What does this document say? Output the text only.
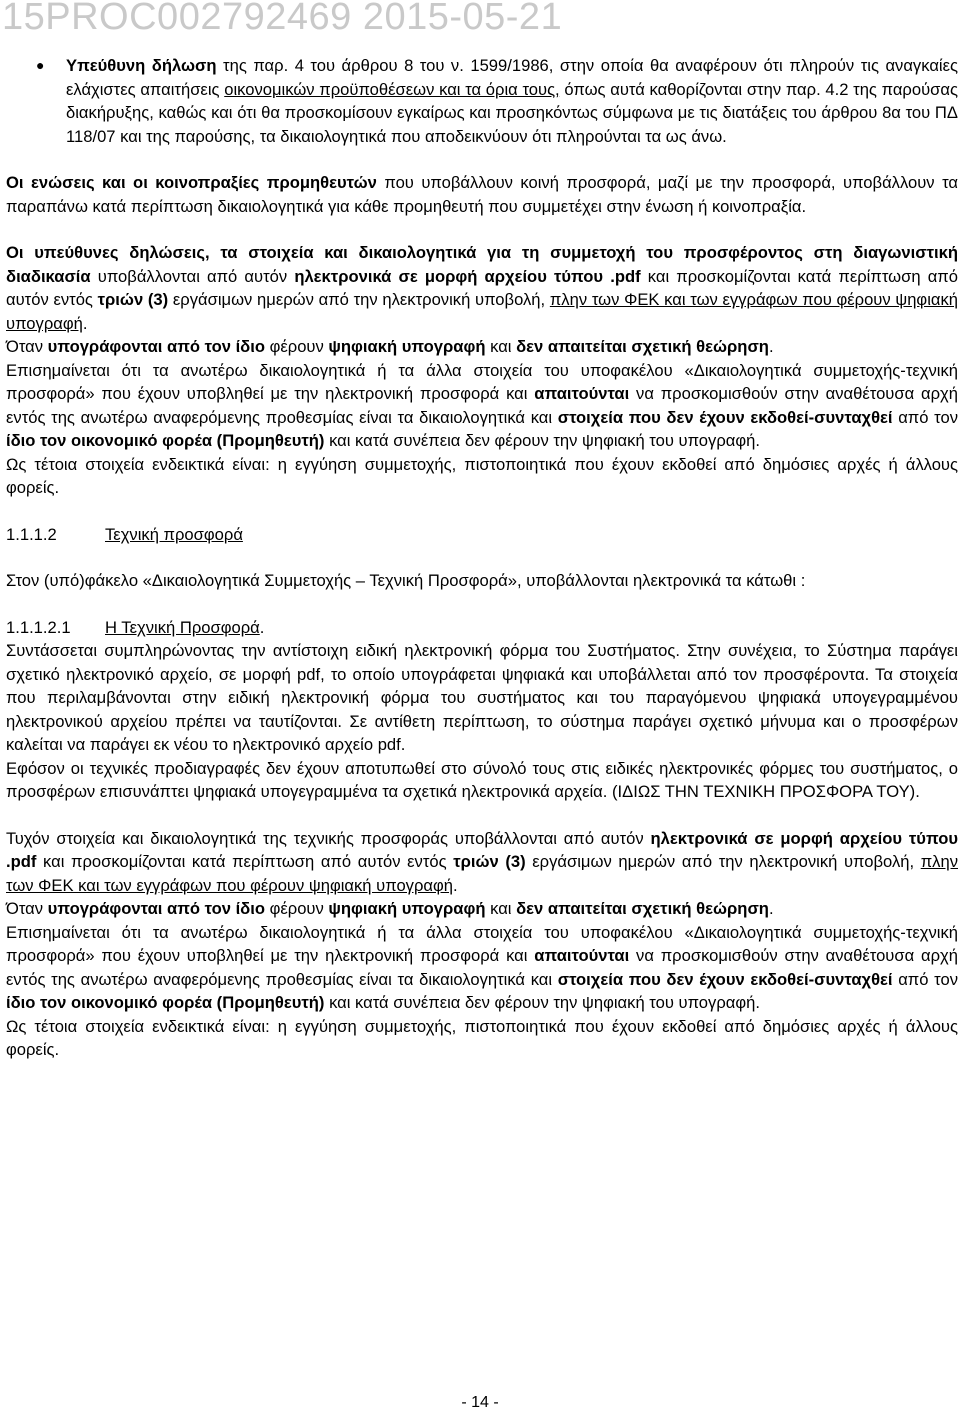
15PROC002792469 2015-05-21

● Υπεύθυνη δήλωση της παρ. 4 του άρθρου 8 του ν. 1599/1986, στην οποία θα αναφέρουν ότι πληρούν τις αναγκαίες ελάχιστες απαιτήσεις οικονομικών προϋποθέσεων και τα όρια τους, όπως αυτά καθορίζονται στην παρ. 4.2 της παρούσας διακήρυξης, καθώς και ότι θα προσκομίσουν εγκαίρως και προσηκόντως σύμφωνα με τις διατάξεις του άρθρου 8α του ΠΔ 118/07 και της παρούσης, τα δικαιολογητικά που αποδεικνύουν ότι πληρούνται τα ως άνω.

Οι ενώσεις και οι κοινοπραξίες προμηθευτών που υποβάλλουν κοινή προσφορά, μαζί με την προσφορά, υποβάλλουν τα παραπάνω κατά περίπτωση δικαιολογητικά για κάθε προμηθευτή που συμμετέχει στην ένωση ή κοινοπραξία.

Οι υπεύθυνες δηλώσεις, τα στοιχεία και δικαιολογητικά για τη συμμετοχή του προσφέροντος στη διαγωνιστική διαδικασία υποβάλλονται από αυτόν ηλεκτρονικά σε μορφή αρχείου τύπου .pdf και προσκομίζονται κατά περίπτωση από αυτόν εντός τριών (3) εργάσιμων ημερών από την ηλεκτρονική υποβολή, πλην των ΦΕΚ και των εγγράφων που φέρουν ψηφιακή υπογραφή.

Όταν υπογράφονται από τον ίδιο φέρουν ψηφιακή υπογραφή και δεν απαιτείται σχετική θεώρηση.

Επισημαίνεται ότι τα ανωτέρω δικαιολογητικά ή τα άλλα στοιχεία του υποφακέλου «Δικαιολογητικά συμμετοχής-τεχνική προσφορά» που έχουν υποβληθεί με την ηλεκτρονική προσφορά και απαιτούνται να προσκομισθούν στην αναθέτουσα αρχή εντός της ανωτέρω αναφερόμενης προθεσμίας είναι τα δικαιολογητικά και στοιχεία που δεν έχουν εκδοθεί-συνταχθεί από τον ίδιο τον οικονομικό φορέα (Προμηθευτή) και κατά συνέπεια δεν φέρουν την ψηφιακή του υπογραφή.

Ως τέτοια στοιχεία ενδεικτικά είναι: η εγγύηση συμμετοχής, πιστοποιητικά που έχουν εκδοθεί από δημόσιες αρχές ή άλλους φορείς.

1.1.1.2	Τεχνική προσφορά

Στον (υπό)φάκελο «Δικαιολογητικά Συμμετοχής – Τεχνική Προσφορά», υποβάλλονται ηλεκτρονικά τα κάτωθι :

1.1.1.2.1	Η Τεχνική Προσφορά.

Συντάσσεται συμπληρώνοντας την αντίστοιχη ειδική ηλεκτρονική φόρμα του Συστήματος. Στην συνέχεια, το Σύστημα παράγει σχετικό ηλεκτρονικό αρχείο, σε μορφή pdf, το οποίο υπογράφεται ψηφιακά και υποβάλλεται από τον προσφέροντα. Τα στοιχεία που περιλαμβάνονται στην ειδική ηλεκτρονική φόρμα του συστήματος και του παραγόμενου ψηφιακά υπογεγραμμένου ηλεκτρονικού αρχείου πρέπει να ταυτίζονται. Σε αντίθετη περίπτωση, το σύστημα παράγει σχετικό μήνυμα και ο προσφέρων καλείται να παράγει εκ νέου το ηλεκτρονικό αρχείο pdf.

Εφόσον οι τεχνικές προδιαγραφές δεν έχουν αποτυπωθεί στο σύνολό τους στις ειδικές ηλεκτρονικές φόρμες του συστήματος, ο προσφέρων επισυνάπτει ψηφιακά υπογεγραμμένα τα σχετικά ηλεκτρονικά αρχεία. (ΙΔΙΩΣ ΤΗΝ ΤΕΧΝΙΚΗ ΠΡΟΣΦΟΡΑ ΤΟΥ).

Τυχόν στοιχεία και δικαιολογητικά της τεχνικής προσφοράς υποβάλλονται από αυτόν ηλεκτρονικά σε μορφή αρχείου τύπου .pdf και προσκομίζονται κατά περίπτωση από αυτόν εντός τριών (3) εργάσιμων ημερών από την ηλεκτρονική υποβολή, πλην των ΦΕΚ και των εγγράφων που φέρουν ψηφιακή υπογραφή.

Όταν υπογράφονται από τον ίδιο φέρουν ψηφιακή υπογραφή και δεν απαιτείται σχετική θεώρηση.

Επισημαίνεται ότι τα ανωτέρω δικαιολογητικά ή τα άλλα στοιχεία του υποφακέλου «Δικαιολογητικά συμμετοχής-τεχνική προσφορά» που έχουν υποβληθεί με την ηλεκτρονική προσφορά και απαιτούνται να προσκομισθούν στην αναθέτουσα αρχή εντός της ανωτέρω αναφερόμενης προθεσμίας είναι τα δικαιολογητικά και στοιχεία που δεν έχουν εκδοθεί-συνταχθεί από τον ίδιο τον οικονομικό φορέα (Προμηθευτή) και κατά συνέπεια δεν φέρουν την ψηφιακή του υπογραφή.

Ως τέτοια στοιχεία ενδεικτικά είναι: η εγγύηση συμμετοχής, πιστοποιητικά που έχουν εκδοθεί από δημόσιες αρχές ή άλλους φορείς.

- 14 -
